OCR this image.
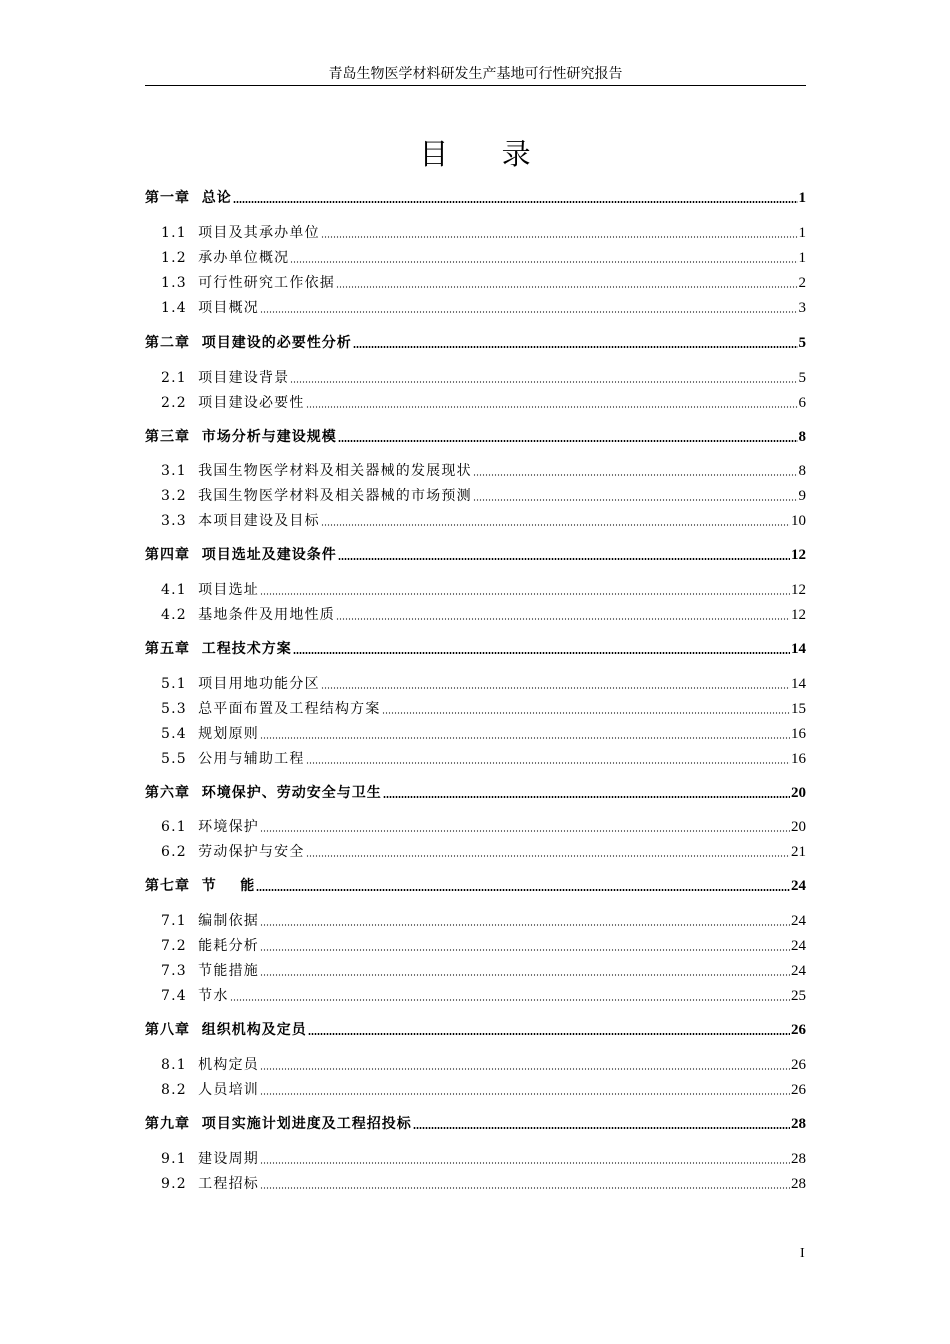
青岛生物医学材料研发生产基地可行性研究报告
目 录
第一章  总论	1
1.1  项目及其承办单位	1
1.2  承办单位概况	1
1.3  可行性研究工作依据	2
1.4  项目概况	3
第二章  项目建设的必要性分析	5
2.1  项目建设背景	5
2.2  项目建设必要性	6
第三章  市场分析与建设规模	8
3.1  我国生物医学材料及相关器械的发展现状	8
3.2  我国生物医学材料及相关器械的市场预测	9
3.3  本项目建设及目标	10
第四章  项目选址及建设条件	12
4.1  项目选址	12
4.2  基地条件及用地性质	12
第五章  工程技术方案	14
5.1  项目用地功能分区	14
5.3  总平面布置及工程结构方案	15
5.4  规划原则	16
5.5  公用与辅助工程	16
第六章  环境保护、劳动安全与卫生	20
6.1  环境保护	20
6.2  劳动保护与安全	21
第七章  节    能	24
7.1  编制依据	24
7.2  能耗分析	24
7.3  节能措施	24
7.4  节水	25
第八章  组织机构及定员	26
8.1  机构定员	26
8.2  人员培训	26
第九章  项目实施计划进度及工程招投标	28
9.1  建设周期	28
9.2  工程招标	28
I
